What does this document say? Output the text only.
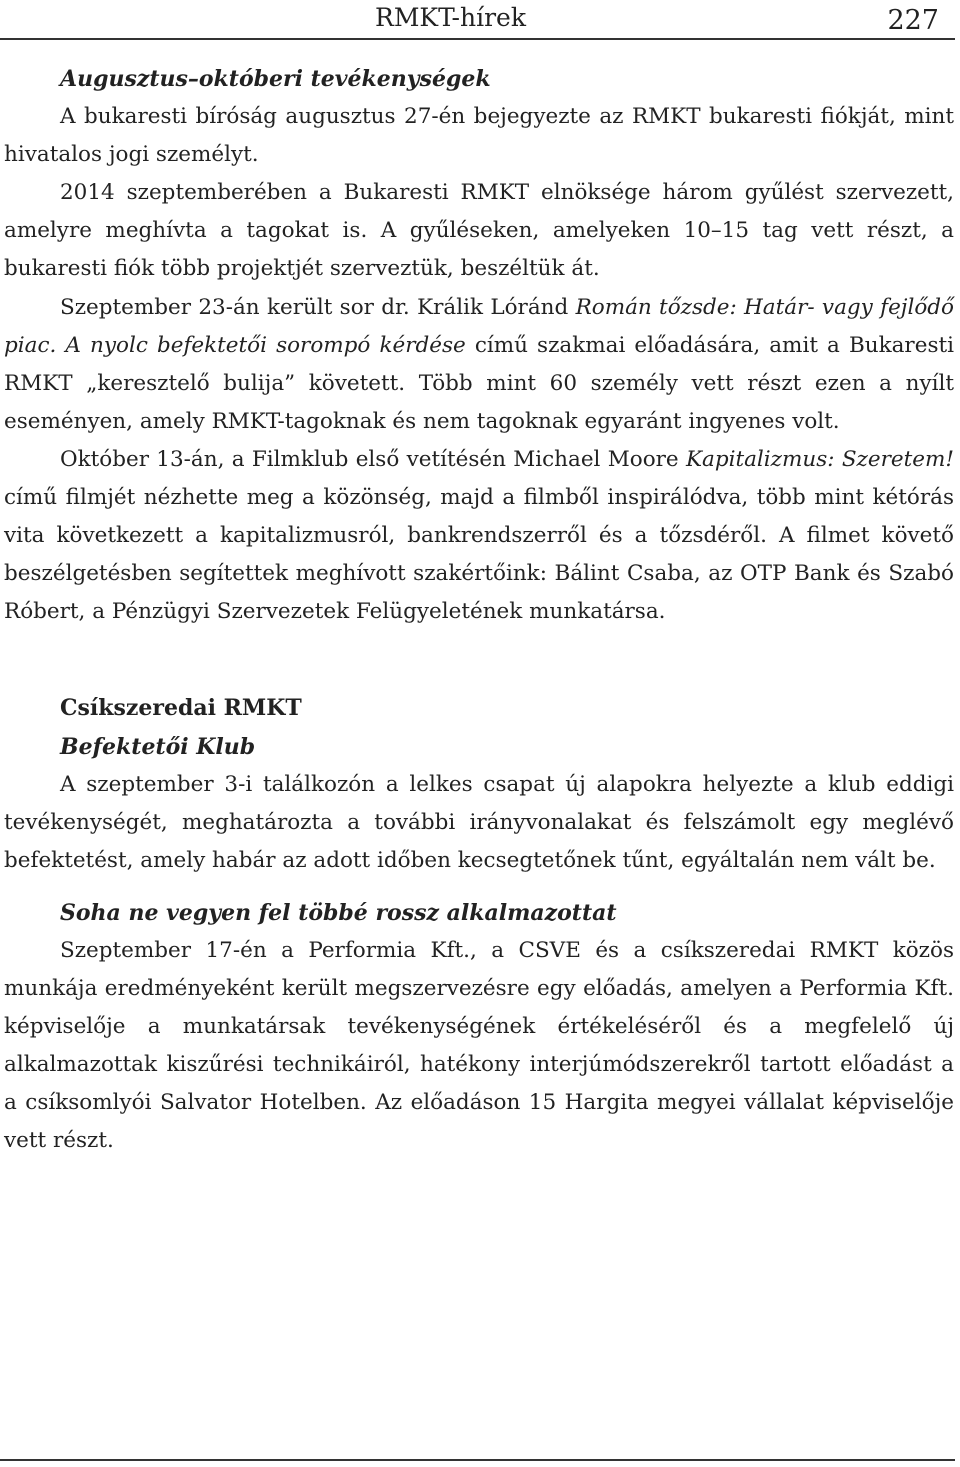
RMKT-hírek	227

Augusztus–októberi tevékenységek

A bukaresti bíróság augusztus 27-én bejegyezte az RMKT bukaresti fiókját, mint hivatalos jogi személyt.

2014 szeptemberében a Bukaresti RMKT elnöksége három gyűlést szervezett, amelyre meghívta a tagokat is. A gyűléseken, amelyeken 10–15 tag vett részt, a bukaresti fiók több projektjét szerveztük, beszéltük át.

Szeptember 23-án került sor dr. Králik Lóránd Román tőzsde: Határ- vagy fejlődő piac. A nyolc befektetői sorompó kérdése című szakmai előadására, amit a Bukaresti RMKT „keresztelő bulija” követett. Több mint 60 személy vett részt ezen a nyílt eseményen, amely RMKT-tagoknak és nem tagoknak egyaránt ingyenes volt.

Október 13-án, a Filmklub első vetítésén Michael Moore Kapitalizmus: Szeretem! című filmjét nézhette meg a közönség, majd a filmből inspirálódva, több mint kétórás vita következett a kapitalizmusról, bankrendszerről és a tőzsdéről. A filmet követő beszélgetésben segítettek meghívott szakértőink: Bálint Csaba, az OTP Bank és Szabó Róbert, a Pénzügyi Szervezetek Felügyeletének munkatársa.

Csíkszeredai RMKT

Befektetői Klub

A szeptember 3-i találkozón a lelkes csapat új alapokra helyezte a klub eddigi tevékenységét, meghatározta a további irányvonalakat és felszámolt egy meglévő befektetést, amely habár az adott időben kecsegtetőnek tűnt, egyáltalán nem vált be.

Soha ne vegyen fel többé rossz alkalmazottat

Szeptember 17-én a Performia Kft., a CSVE és a csíkszeredai RMKT közös munkája eredményeként került megszervezésre egy előadás, amelyen a Performia Kft. képviselője a munkatársak tevékenységének értékeléséről és a megfelelő új alkalmazottak kiszűrési technikáiról, hatékony interjúmódszerekről tartott előadást a a csíksomlyói Salvator Hotelben. Az előadáson 15 Hargita megyei vállalat képviselője vett részt.
